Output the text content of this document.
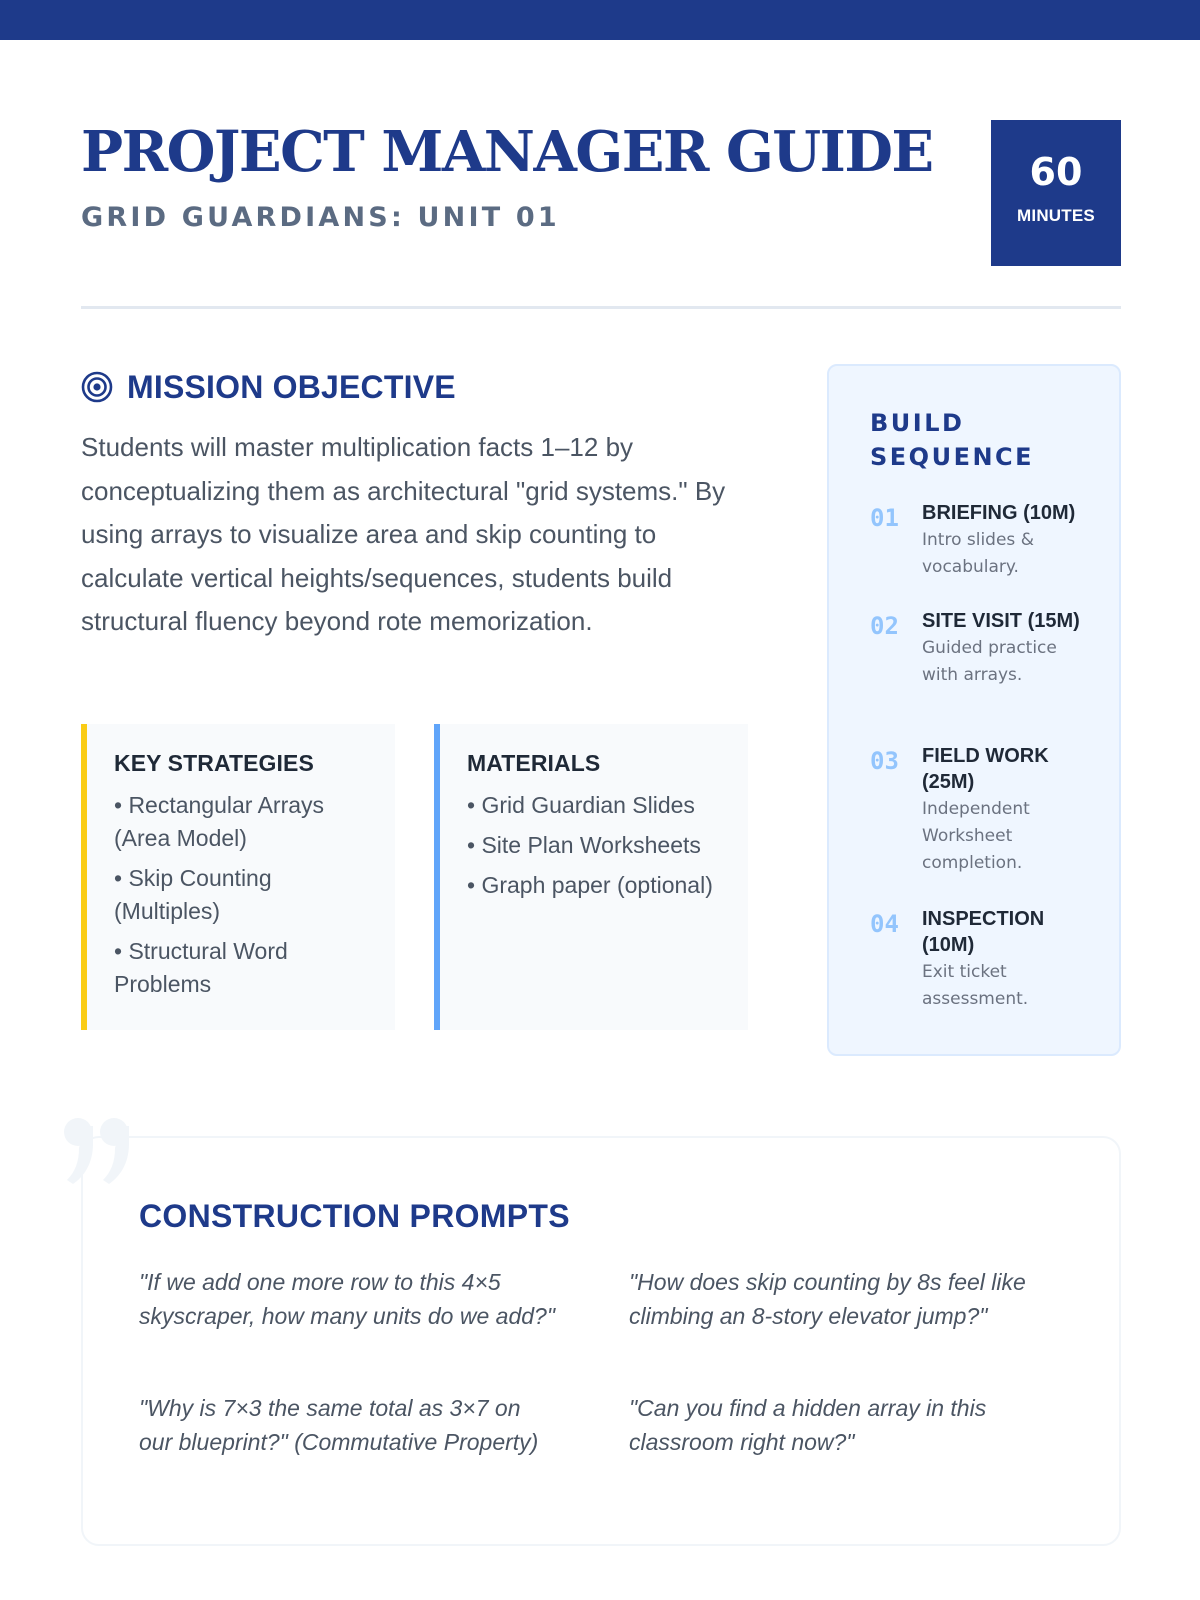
PROJECT MANAGER GUIDE
GRID GUARDIANS: UNIT 01
60
MINUTES
MISSION OBJECTIVE

Students will master multiplication facts 1–12 by conceptualizing them as architectural "grid systems." By using arrays to visualize area and skip counting to calculate vertical heights/sequences, students build structural fluency beyond rote memorization.

KEY STRATEGIES
• Rectangular Arrays (Area Model)
• Skip Counting (Multiples)
• Structural Word Problems
MATERIALS
• Grid Guardian Slides
• Site Plan Worksheets
• Graph paper (optional)
BUILD SEQUENCE
01	BRIEFING (10M)
Intro slides & vocabulary.
02	SITE VISIT (15M)
Guided practice with arrays.
03	FIELD WORK (25M)
Independent Worksheet completion.
04	INSPECTION (10M)
Exit ticket assessment.
CONSTRUCTION PROMPTS

"If we add one more row to this 4×5 skyscraper, how many units do we add?"

"How does skip counting by 8s feel like climbing an 8-story elevator jump?"

"Why is 7×3 the same total as 3×7 on our blueprint?" (Commutative Property)

"Can you find a hidden array in this classroom right now?"
